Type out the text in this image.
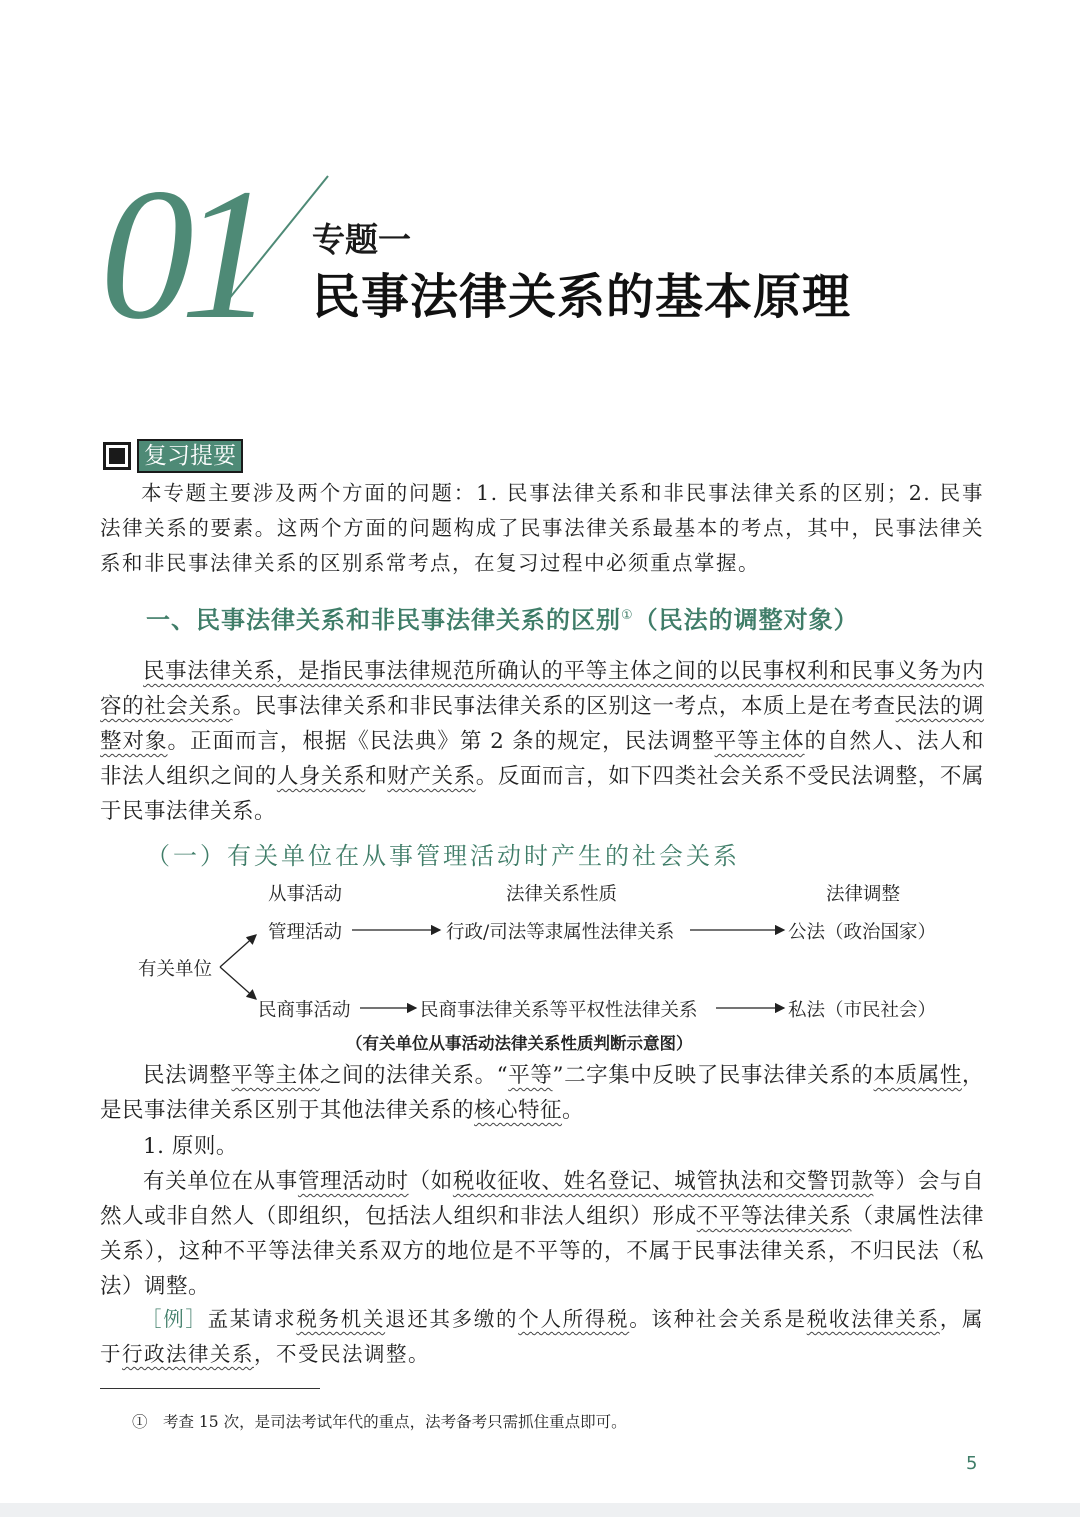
01 专题一
民事法律关系的基本原理
复习提要

本专题主要涉及两个方面的问题：1. 民事法律关系和非民事法律关系的区别；2. 民事法律关系的要素。这两个方面的问题构成了民事法律关系最基本的考点，其中，民事法律关系和非民事法律关系的区别系常考点，在复习过程中必须重点掌握。

一、民事法律关系和非民事法律关系的区别①（民法的调整对象）

民事法律关系，是指民事法律规范所确认的平等主体之间的以民事权利和民事义务为内容的社会关系。民事法律关系和非民事法律关系的区别这一考点，本质上是在考查民法的调整对象。正面而言，根据《民法典》第 2 条的规定，民法调整平等主体的自然人、法人和非法人组织之间的人身关系和财产关系。反面而言，如下四类社会关系不受民法调整，不属于民事法律关系。

（一）有关单位在从事管理活动时产生的社会关系
从事活动	法律关系性质	法律调整
有关单位
管理活动	行政/司法等隶属性法律关系	公法（政治国家）
民商事活动	民商事法律关系等平权性法律关系	私法（市民社会）
（有关单位从事活动法律关系性质判断示意图）

民法调整平等主体之间的法律关系。“平等”二字集中反映了民事法律关系的本质属性，是民事法律关系区别于其他法律关系的核心特征。

1. 原则。

有关单位在从事管理活动时（如税收征收、姓名登记、城管执法和交警罚款等）会与自然人或非自然人（即组织，包括法人组织和非法人组织）形成不平等法律关系（隶属性法律关系），这种不平等法律关系双方的地位是不平等的，不属于民事法律关系，不归民法（私法）调整。

［例］孟某请求税务机关退还其多缴的个人所得税。该种社会关系是税收法律关系，属于行政法律关系，不受民法调整。

①　考查 15 次，是司法考试年代的重点，法考备考只需抓住重点即可。
5
